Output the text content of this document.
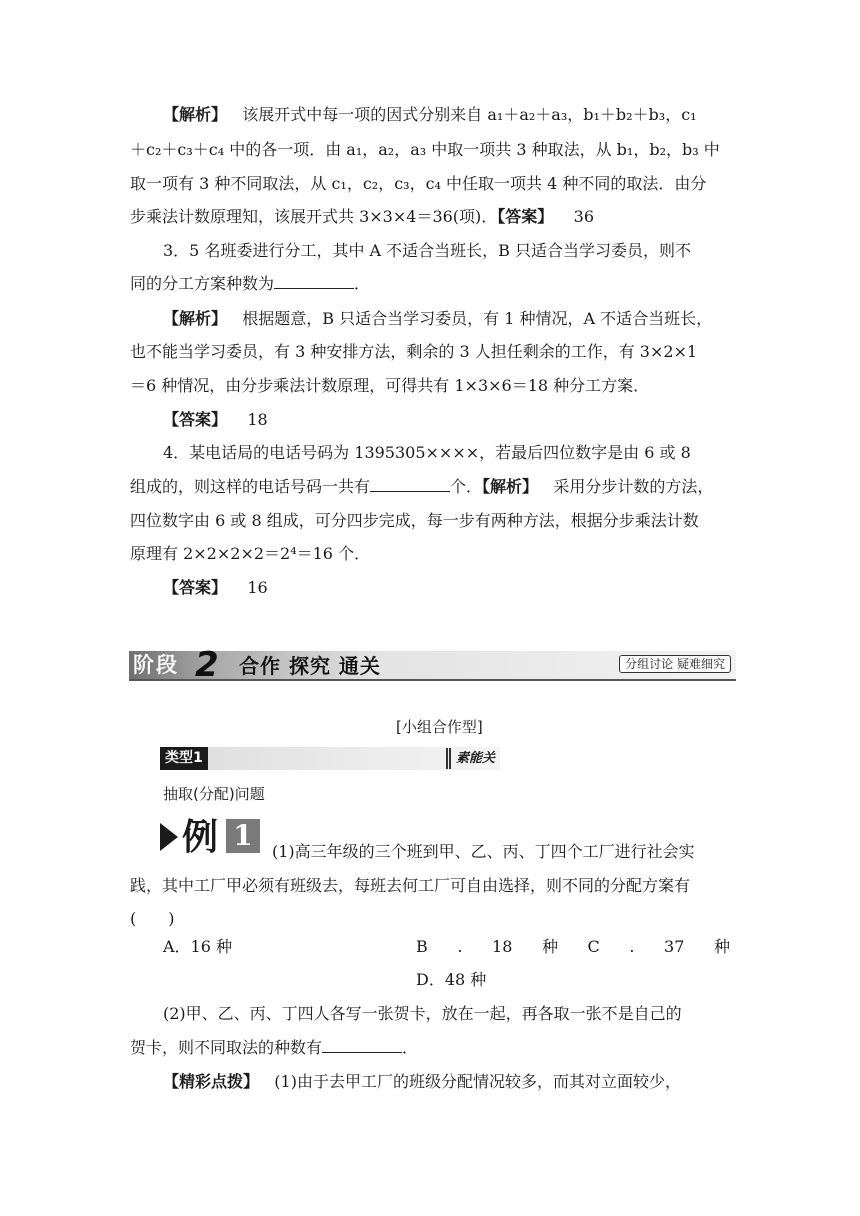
【解析】 该展开式中每一项的因式分别来自 a₁＋a₂＋a₃，b₁＋b₂＋b₃，c₁
＋c₂＋c₃＋c₄ 中的各一项．由 a₁，a₂，a₃ 中取一项共 3 种取法，从 b₁，b₂，b₃ 中
取一项有 3 种不同取法，从 c₁，c₂，c₃，c₄ 中任取一项共 4 种不同的取法．由分
步乘法计数原理知，该展开式共 3×3×4＝36(项)．【答案】 36
3．5 名班委进行分工，其中 A 不适合当班长，B 只适合当学习委员，则不
同的分工方案种数为	．
【解析】 根据题意，B 只适合当学习委员，有 1 种情况，A 不适合当班长，
也不能当学习委员，有 3 种安排方法，剩余的 3 人担任剩余的工作，有 3×2×1
＝6 种情况，由分步乘法计数原理，可得共有 1×3×6＝18 种分工方案．
【答案】 18
4．某电话局的电话号码为 1395305××××，若最后四位数字是由 6 或 8
组成的，则这样的电话号码一共有	个．【解析】 采用分步计数的方法，
四位数字由 6 或 8 组成，可分四步完成，每一步有两种方法，根据分步乘法计数
原理有 2×2×2×2＝2⁴＝16 个．
【答案】 16
阶段 2 合作 探究 通关	分组讨论 疑难细究
[小组合作型]
类型1	素能关
抽取(分配)问题
例 1	(1)高三年级的三个班到甲、乙、丙、丁四个工厂进行社会实
践，其中工厂甲必须有班级去，每班去何工厂可自由选择，则不同的分配方案有
(　　)
A．16 种	B . 18 种 C . 37 种
D．48 种
(2)甲、乙、丙、丁四人各写一张贺卡，放在一起，再各取一张不是自己的
贺卡，则不同取法的种数有	．
【精彩点拨】 (1)由于去甲工厂的班级分配情况较多，而其对立面较少，
